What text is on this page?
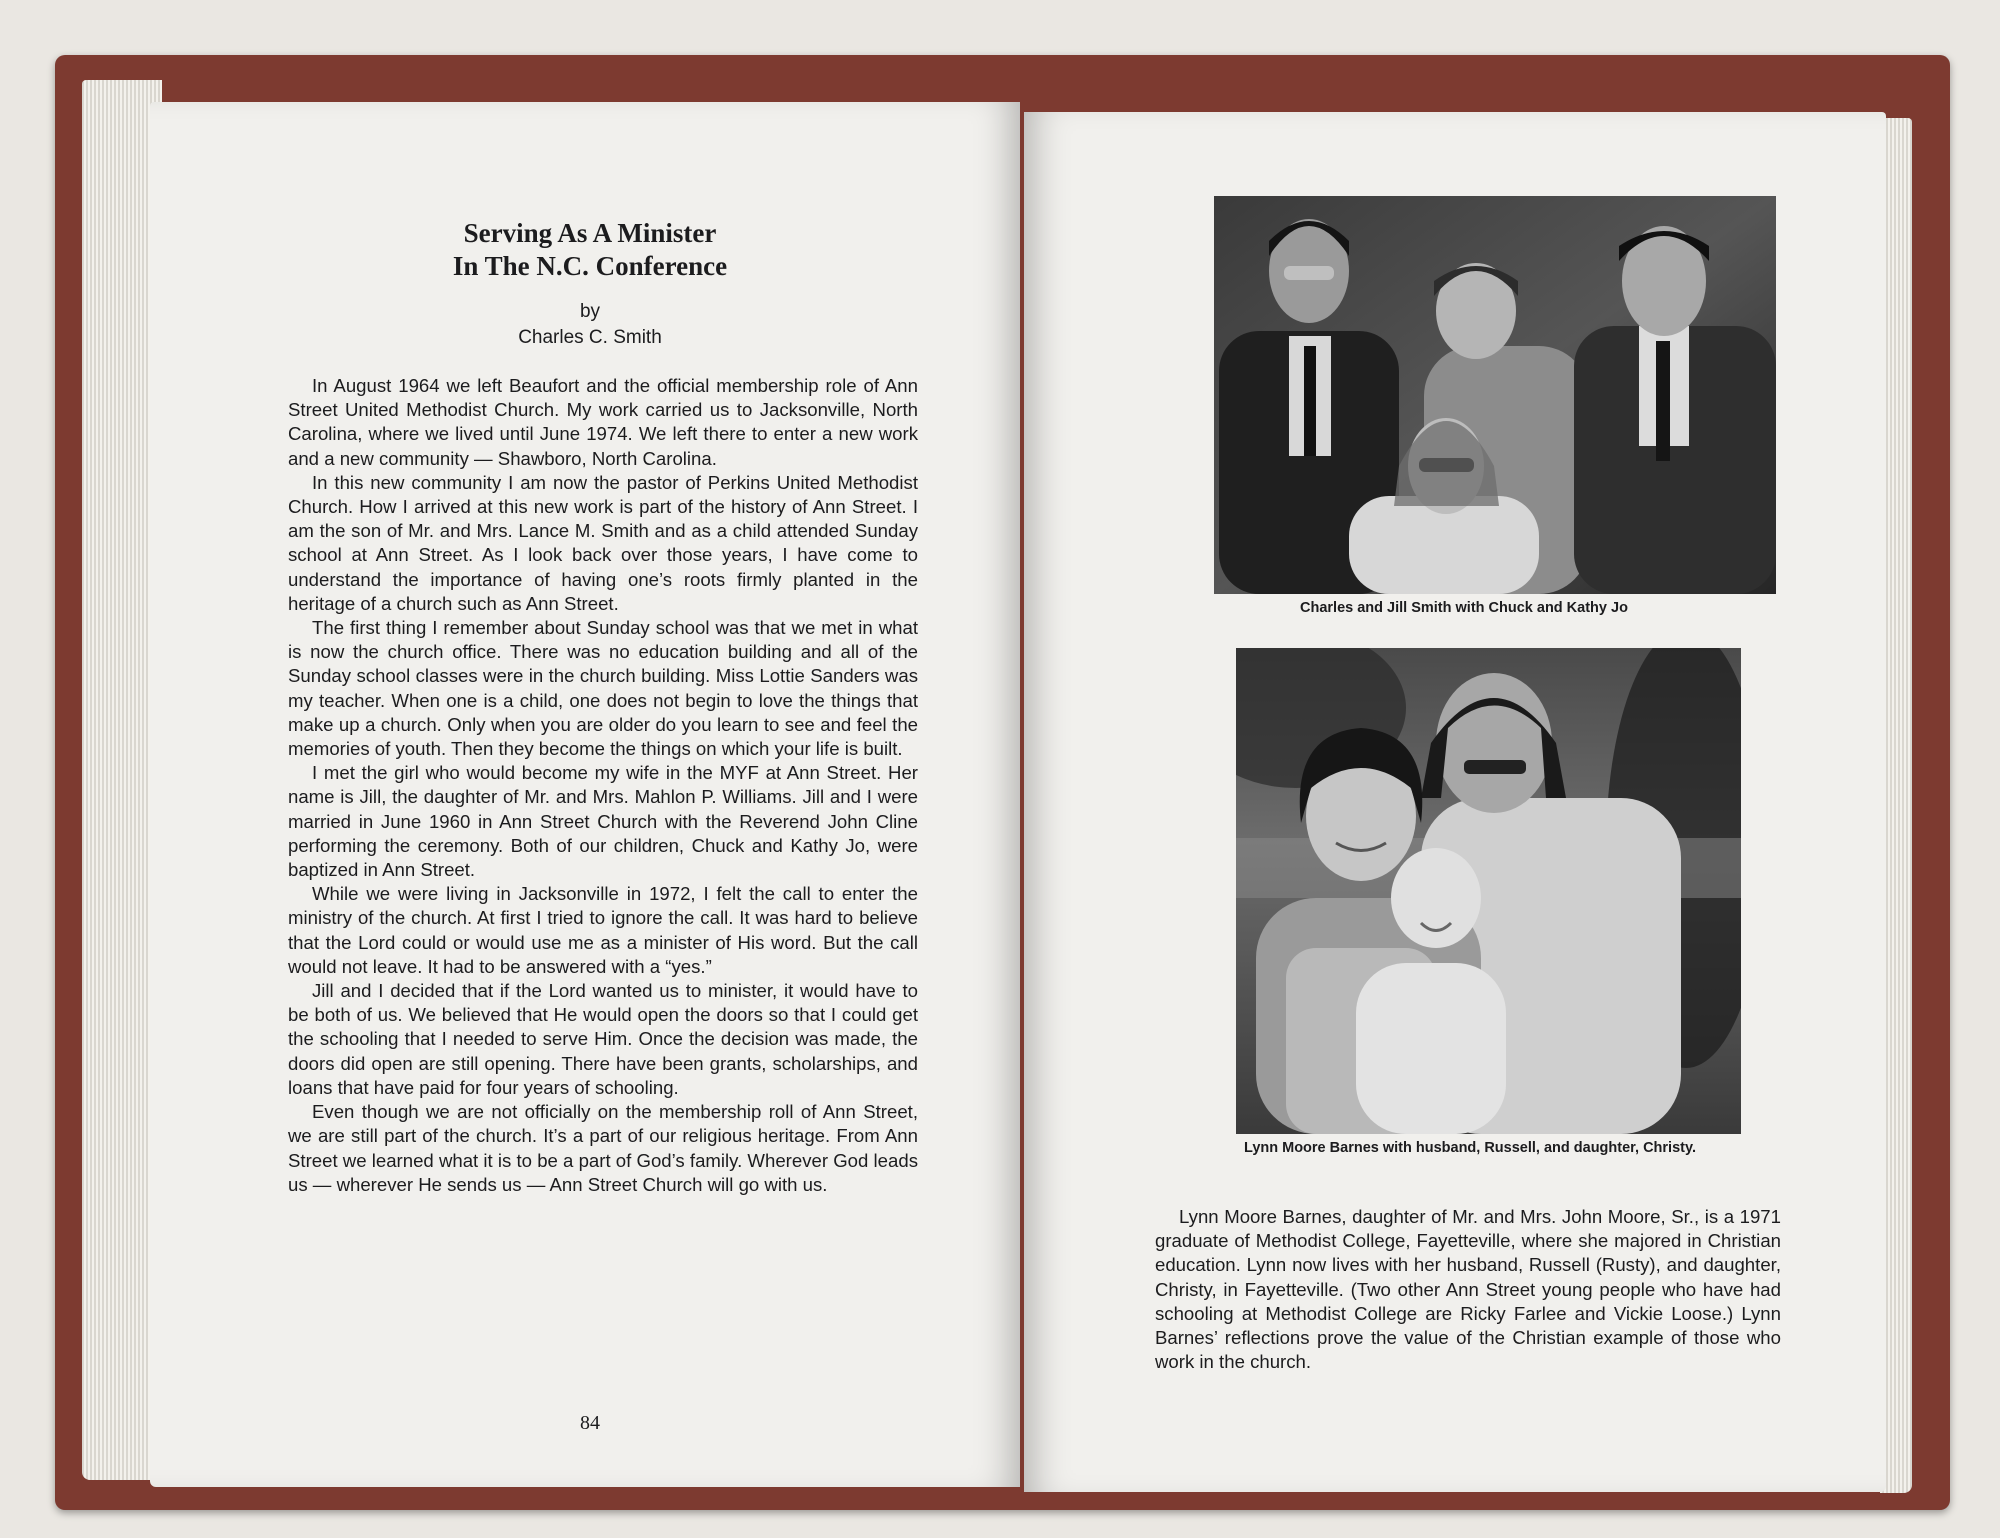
Serving As A Minister
In The N.C. Conference
by
Charles C. Smith

In August 1964 we left Beaufort and the official membership role of Ann Street United Methodist Church. My work carried us to Jacksonville, North Carolina, where we lived until June 1974. We left there to enter a new work and a new community — Shawboro, North Carolina.

In this new community I am now the pastor of Perkins United Methodist Church. How I arrived at this new work is part of the history of Ann Street. I am the son of Mr. and Mrs. Lance M. Smith and as a child attended Sunday school at Ann Street. As I look back over those years, I have come to understand the importance of having one’s roots firmly planted in the heritage of a church such as Ann Street.

The first thing I remember about Sunday school was that we met in what is now the church office. There was no education building and all of the Sunday school classes were in the church building. Miss Lottie Sanders was my teacher. When one is a child, one does not begin to love the things that make up a church. Only when you are older do you learn to see and feel the memories of youth. Then they become the things on which your life is built.

I met the girl who would become my wife in the MYF at Ann Street. Her name is Jill, the daughter of Mr. and Mrs. Mahlon P. Williams. Jill and I were married in June 1960 in Ann Street Church with the Reverend John Cline performing the ceremony. Both of our children, Chuck and Kathy Jo, were baptized in Ann Street.

While we were living in Jacksonville in 1972, I felt the call to enter the ministry of the church. At first I tried to ignore the call. It was hard to believe that the Lord could or would use me as a minister of His word. But the call would not leave. It had to be answered with a “yes.”

Jill and I decided that if the Lord wanted us to minister, it would have to be both of us. We believed that He would open the doors so that I could get the schooling that I needed to serve Him. Once the decision was made, the doors did open are still opening. There have been grants, scholarships, and loans that have paid for four years of schooling.

Even though we are not officially on the membership roll of Ann Street, we are still part of the church. It’s a part of our religious heritage. From Ann Street we learned what it is to be a part of God’s family. Wherever God leads us — wherever He sends us — Ann Street Church will go with us.

84
Charles and Jill Smith with Chuck and Kathy Jo
Lynn Moore Barnes with husband, Russell, and daughter, Christy.

Lynn Moore Barnes, daughter of Mr. and Mrs. John Moore, Sr., is a 1971 graduate of Methodist College, Fayetteville, where she majored in Christian education. Lynn now lives with her husband, Russell (Rusty), and daughter, Christy, in Fayetteville. (Two other Ann Street young people who have had schooling at Methodist College are Ricky Farlee and Vickie Loose.) Lynn Barnes’ reflections prove the value of the Christian example of those who work in the church.
